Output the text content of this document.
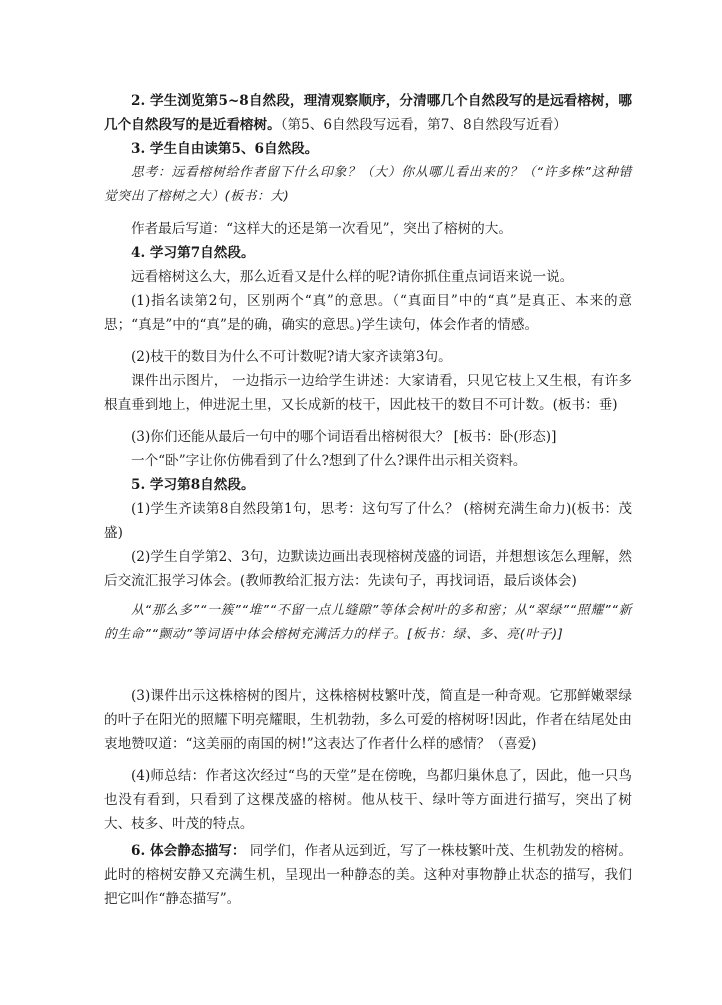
2. 学生浏览第5~8自然段，理清观察顺序，分清哪几个自然段写的是远看榕树，哪几个自然段写的是近看榕树。（第5、6自然段写远看，第7、8自然段写近看）

3. 学生自由读第5、6自然段。

思考：远看榕树给作者留下什么印象？（大）你从哪儿看出来的？（“许多株”这种错觉突出了榕树之大）(板书：大)

作者最后写道：“这样大的还是第一次看见”，突出了榕树的大。

4. 学习第7自然段。

远看榕树这么大，那么近看又是什么样的呢?请你抓住重点词语来说一说。

(1)指名读第2句，区别两个“真”的意思。（“真面目”中的“真”是真正、本来的意思；“真是”中的“真”是的确，确实的意思。)学生读句，体会作者的情感。

(2)枝干的数目为什么不可计数呢?请大家齐读第3句。

课件出示图片， 一边指示一边给学生讲述：大家请看，只见它枝上又生根，有许多根直垂到地上，伸进泥土里，又长成新的枝干，因此枝干的数目不可计数。(板书：垂)

(3)你们还能从最后一句中的哪个词语看出榕树很大？ [板书：卧(形态)]

一个“卧”字让你仿佛看到了什么?想到了什么?课件出示相关资料。

5. 学习第8自然段。

(1)学生齐读第8自然段第1句，思考：这句写了什么？ (榕树充满生命力)(板书：茂盛)

(2)学生自学第2、3句，边默读边画出表现榕树茂盛的词语，并想想该怎么理解，然后交流汇报学习体会。(教师教给汇报方法：先读句子，再找词语，最后谈体会)

从“那么多”“一簇”“堆”“不留一点儿缝隙”等体会树叶的多和密；从“翠绿”“照耀”“新的生命”“颤动”等词语中体会榕树充满活力的样子。[板书：绿、多、亮(叶子)]

(3)课件出示这株榕树的图片，这株榕树枝繁叶茂，简直是一种奇观。它那鲜嫩翠绿的叶子在阳光的照耀下明亮耀眼，生机勃勃，多么可爱的榕树呀!因此，作者在结尾处由衷地赞叹道：“这美丽的南国的树!”这表达了作者什么样的感情？（喜爱)

(4)师总结：作者这次经过“鸟的天堂”是在傍晚，鸟都归巢休息了，因此，他一只鸟也没有看到，只看到了这棵茂盛的榕树。他从枝干、绿叶等方面进行描写，突出了树大、枝多、叶茂的特点。

6. 体会静态描写： 同学们，作者从远到近，写了一株枝繁叶茂、生机勃发的榕树。此时的榕树安静又充满生机，呈现出一种静态的美。这种对事物静止状态的描写，我们把它叫作“静态描写”。
